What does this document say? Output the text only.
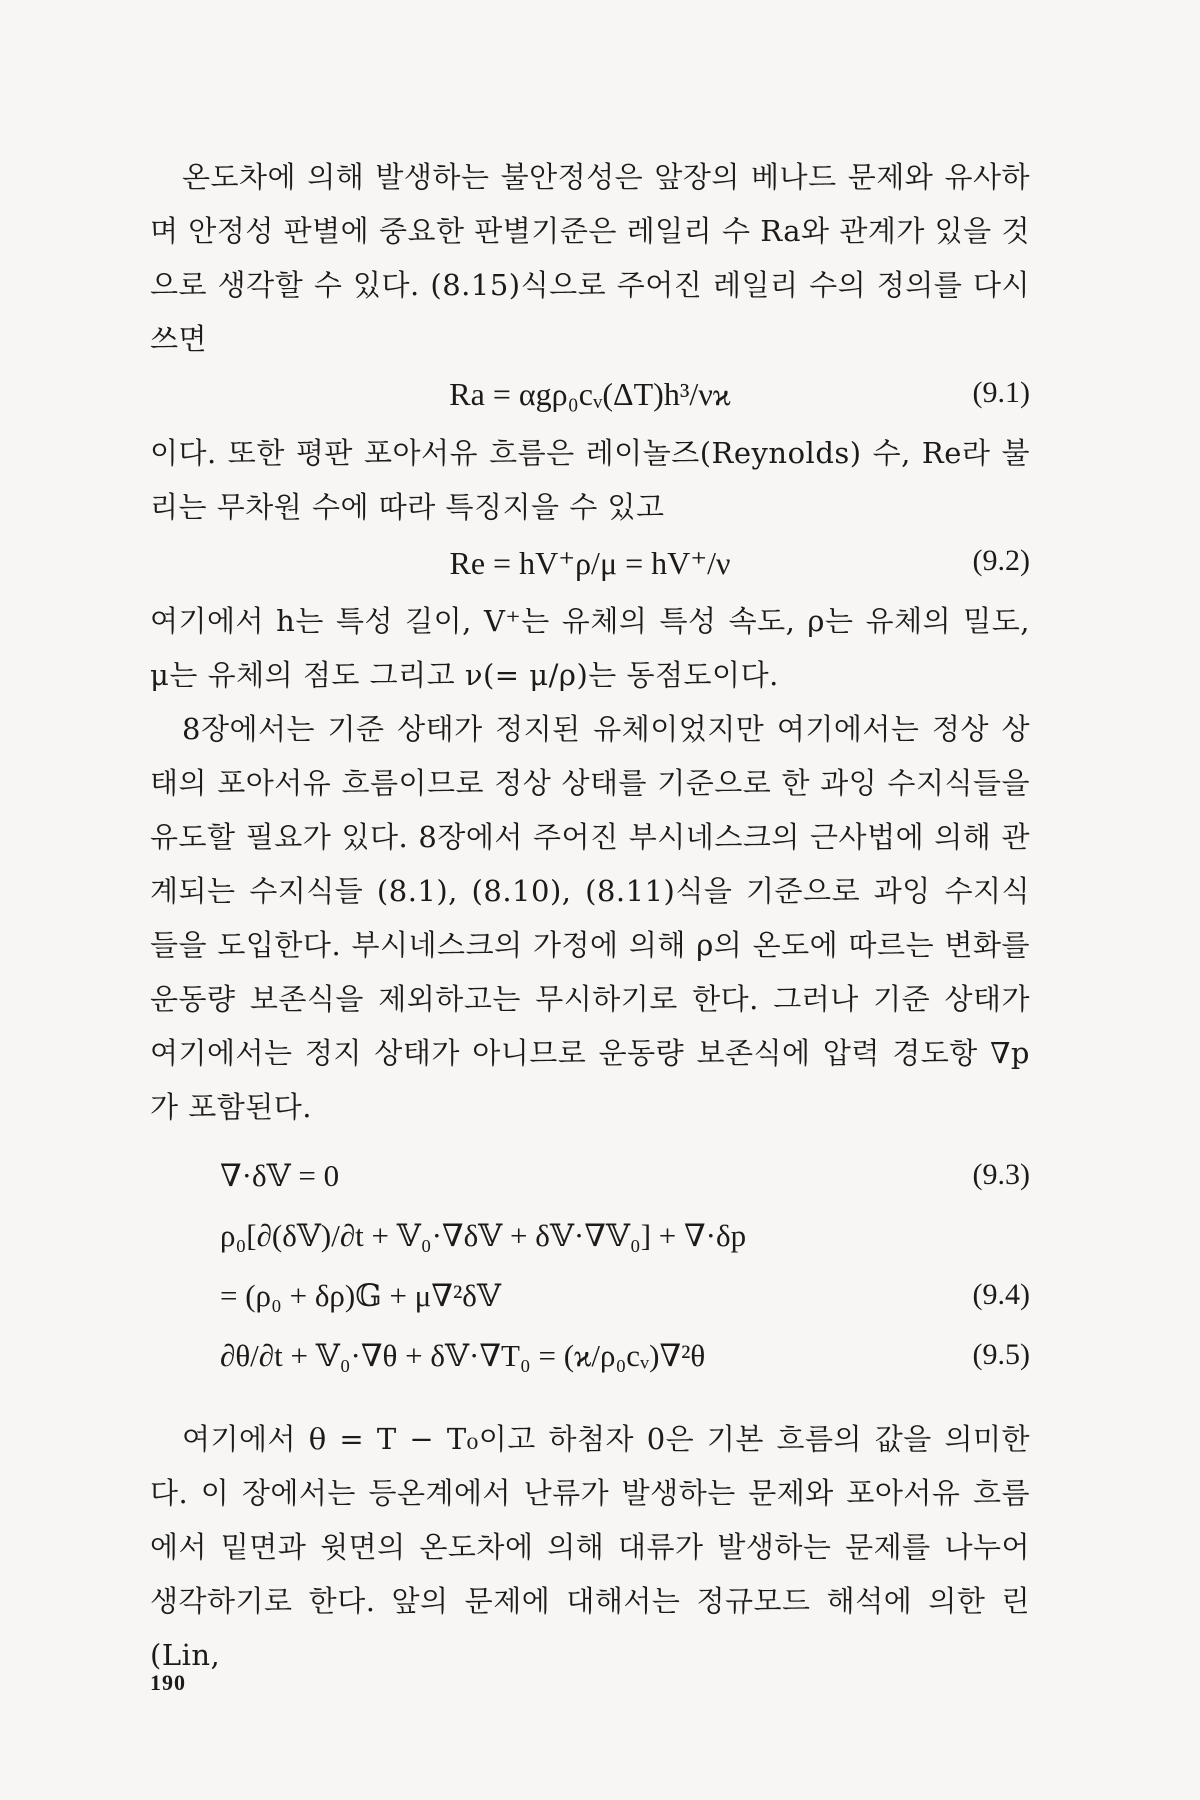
온도차에 의해 발생하는 불안정성은 앞장의 베나드 문제와 유사하며 안정성 판별에 중요한 판별기준은 레일리 수 Ra와 관계가 있을 것으로 생각할 수 있다. (8.15)식으로 주어진 레일리 수의 정의를 다시 쓰면

Ra = αgρ₀cᵥ(ΔT)h³/νϰ	(9.1)

이다. 또한 평판 포아서유 흐름은 레이놀즈(Reynolds) 수, Re라 불리는 무차원 수에 따라 특징지을 수 있고

Re = hV⁺ρ/μ = hV⁺/ν	(9.2)

여기에서 h는 특성 길이, V⁺는 유체의 특성 속도, ρ는 유체의 밀도, μ는 유체의 점도 그리고 ν(= μ/ρ)는 동점도이다.

8장에서는 기준 상태가 정지된 유체이었지만 여기에서는 정상 상태의 포아서유 흐름이므로 정상 상태를 기준으로 한 과잉 수지식들을 유도할 필요가 있다. 8장에서 주어진 부시네스크의 근사법에 의해 관계되는 수지식들 (8.1), (8.10), (8.11)식을 기준으로 과잉 수지식들을 도입한다. 부시네스크의 가정에 의해 ρ의 온도에 따르는 변화를 운동량 보존식을 제외하고는 무시하기로 한다. 그러나 기준 상태가 여기에서는 정지 상태가 아니므로 운동량 보존식에 압력 경도항 ∇p가 포함된다.

∇·δ𝕍 = 0	(9.3)
ρ₀[∂(δ𝕍)/∂t + 𝕍₀·∇δ𝕍 + δ𝕍·∇𝕍₀] + ∇·δp
= (ρ₀ + δρ)𝔾 + μ∇²δ𝕍	(9.4)
∂θ/∂t + 𝕍₀·∇θ + δ𝕍·∇T₀ = (ϰ/ρ₀cᵥ)∇²θ	(9.5)

여기에서 θ = T − T₀이고 하첨자 0은 기본 흐름의 값을 의미한다. 이 장에서는 등온계에서 난류가 발생하는 문제와 포아서유 흐름에서 밑면과 윗면의 온도차에 의해 대류가 발생하는 문제를 나누어 생각하기로 한다. 앞의 문제에 대해서는 정규모드 해석에 의한 린(Lin,

190
